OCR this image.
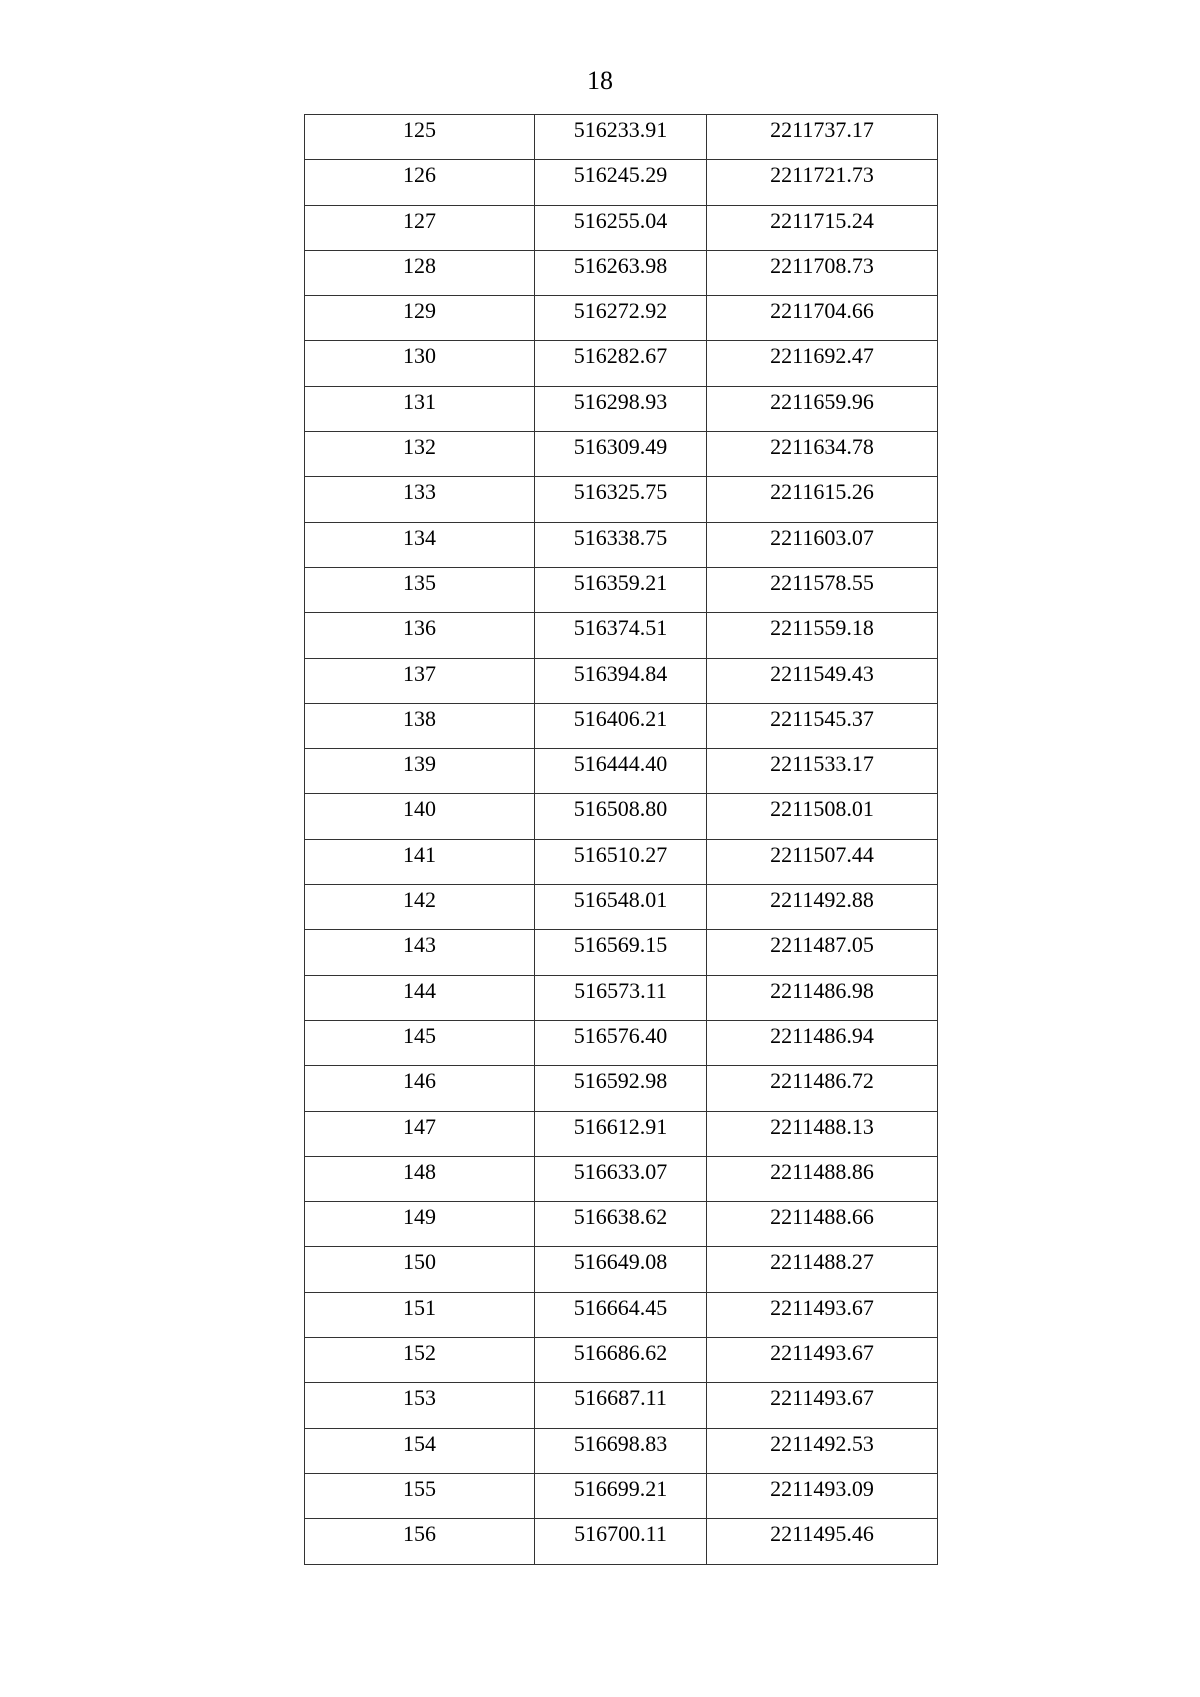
18
125	516233.91	2211737.17
126	516245.29	2211721.73
127	516255.04	2211715.24
128	516263.98	2211708.73
129	516272.92	2211704.66
130	516282.67	2211692.47
131	516298.93	2211659.96
132	516309.49	2211634.78
133	516325.75	2211615.26
134	516338.75	2211603.07
135	516359.21	2211578.55
136	516374.51	2211559.18
137	516394.84	2211549.43
138	516406.21	2211545.37
139	516444.40	2211533.17
140	516508.80	2211508.01
141	516510.27	2211507.44
142	516548.01	2211492.88
143	516569.15	2211487.05
144	516573.11	2211486.98
145	516576.40	2211486.94
146	516592.98	2211486.72
147	516612.91	2211488.13
148	516633.07	2211488.86
149	516638.62	2211488.66
150	516649.08	2211488.27
151	516664.45	2211493.67
152	516686.62	2211493.67
153	516687.11	2211493.67
154	516698.83	2211492.53
155	516699.21	2211493.09
156	516700.11	2211495.46
